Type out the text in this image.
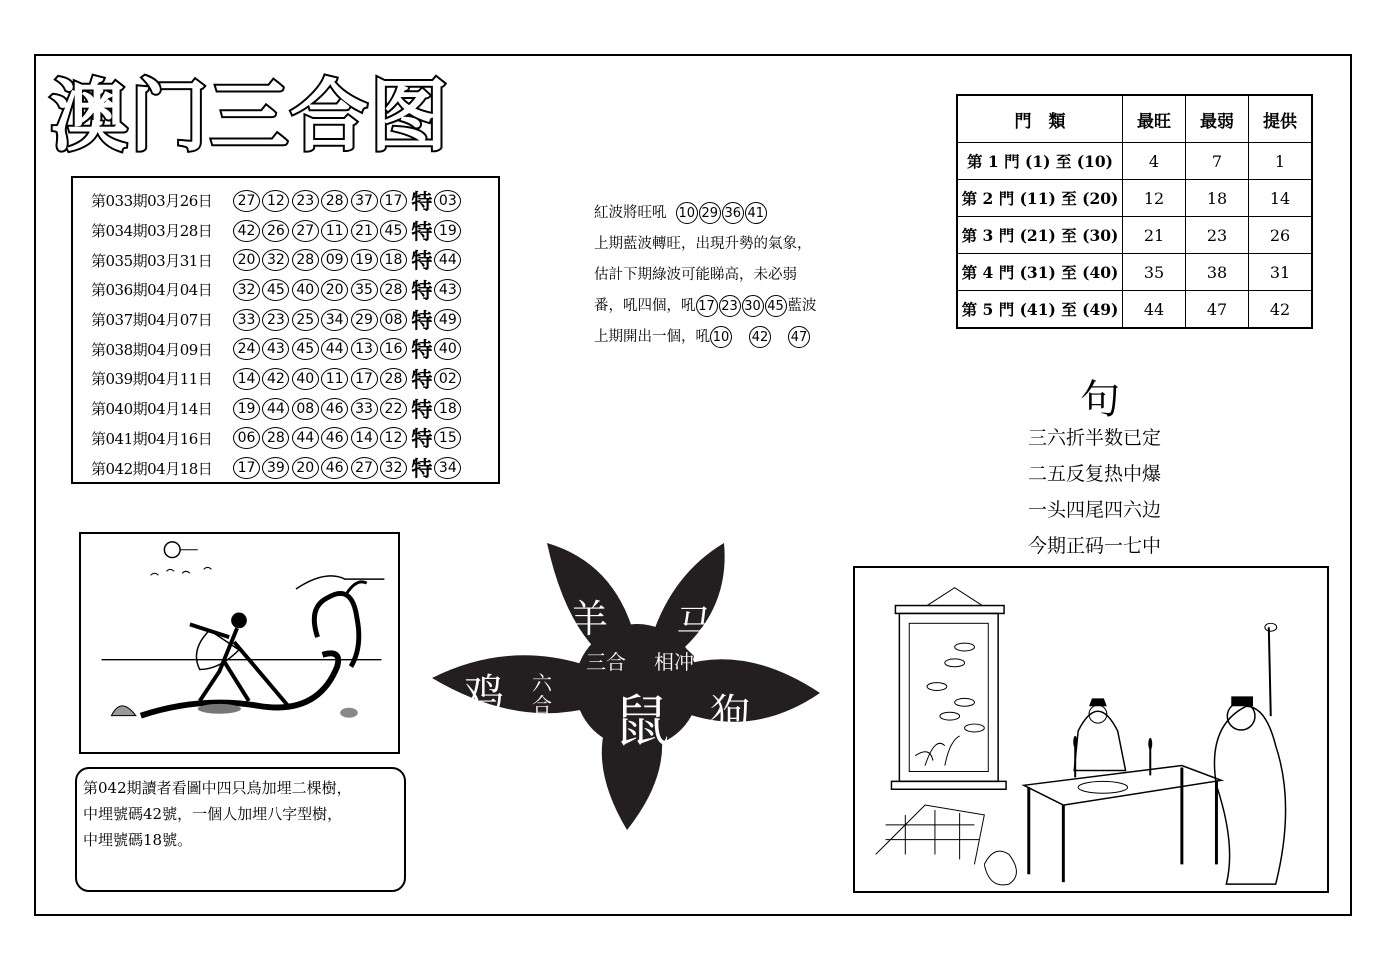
澳门三合图
第033期03月26日	27 12 23 28 37 17 特 03
第034期03月28日	42 26 27 11 21 45 特 19
第035期03月31日	20 32 28 09 19 18 特 44
第036期04月04日	32 45 40 20 35 28 特 43
第037期04月07日	33 23 25 34 29 08 特 49
第038期04月09日	24 43 45 44 13 16 特 40
第039期04月11日	14 42 40 11 17 28 特 02
第040期04月14日	19 44 08 46 33 22 特 18
第041期04月16日	06 28 44 46 14 12 特 15
第042期04月18日	17 39 20 46 27 32 特 34
紅波將旺吼 10 29 36 41
上期藍波轉旺，出現升勢的氣象，
估計下期綠波可能睇高，未必弱
番，吼四個，吼 17 23 30 45 藍波
上期開出一個，吼 10 42 47
門　類	最旺	最弱	提供
第 1 門 (1) 至 (10)	4	7	1
第 2 門 (11) 至 (20)	12	18	14
第 3 門 (21) 至 (30)	21	23	26
第 4 門 (31) 至 (40)	35	38	31
第 5 門 (41) 至 (49)	44	47	42
句
三六折半数已定
二五反复热中爆
一头四尾四六边
今期正码一七中
第042期讀者看圖中四只鳥加埋二棵樹，
中埋號碼42號，一個人加埋八字型樹，
中埋號碼18號。
羊 马
鸡	狗
鼠
三合 相冲
六合
